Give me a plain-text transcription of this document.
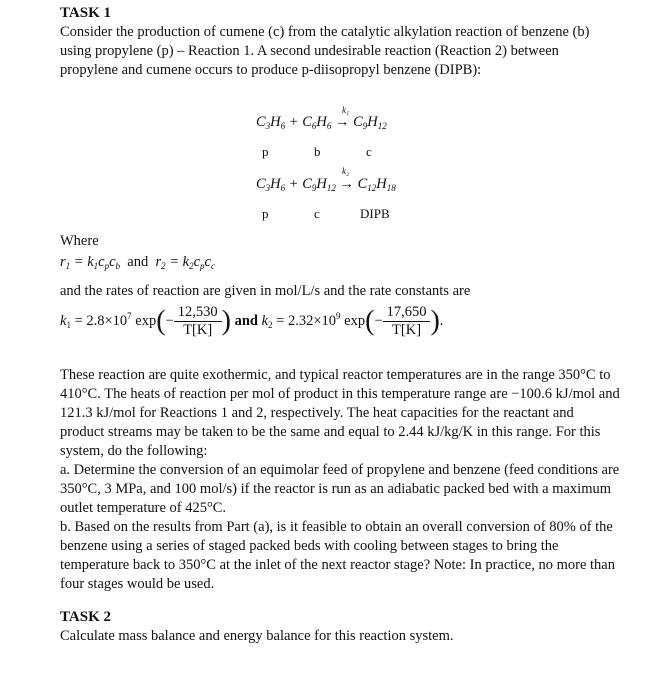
TASK 1

Consider the production of cumene (c) from the catalytic alkylation reaction of benzene (b) using propylene (p) – Reaction 1. A second undesirable reaction (Reaction 2) between propylene and cumene occurs to produce p-diisopropyl benzene (DIPB):

k₁
$C_3H_6 + C_6H_6 \to C_9H_{12}$
p	b	c
k₂
$C_3H_6 + C_9H_{12} \to C_{12}H_{18}$
p	c	DIPB
Where
$r_1 = k_1c_pc_b$ and  $r_2 = k_2c_pc_c$
and the rates of reaction are given in mol/L/s and the rate constants are
$k_1 = 2.8\times 10^7$ $\exp(- \frac{12,530}{T[K]}$ ) and $k_2 = 2.32\times 10^9$ $\exp(- \frac{17,650}{T[K]}$ ).

These reaction are quite exothermic, and typical reactor temperatures are in the range 350°C to 410°C. The heats of reaction per mol of product in this temperature range are −100.6 kJ/mol and 121.3 kJ/mol for Reactions 1 and 2, respectively. The heat capacities for the reactant and product streams may be taken to be the same and equal to 2.44 kJ/kg/K in this range. For this system, do the following:

a. Determine the conversion of an equimolar feed of propylene and benzene (feed conditions are 350°C, 3 MPa, and 100 mol/s) if the reactor is run as an adiabatic packed bed with a maximum outlet temperature of 425°C.

b. Based on the results from Part (a), is it feasible to obtain an overall conversion of 80% of the benzene using a series of staged packed beds with cooling between stages to bring the temperature back to 350°C at the inlet of the next reactor stage? Note: In practice, no more than four stages would be used.

TASK 2

Calculate mass balance and energy balance for this reaction system.
